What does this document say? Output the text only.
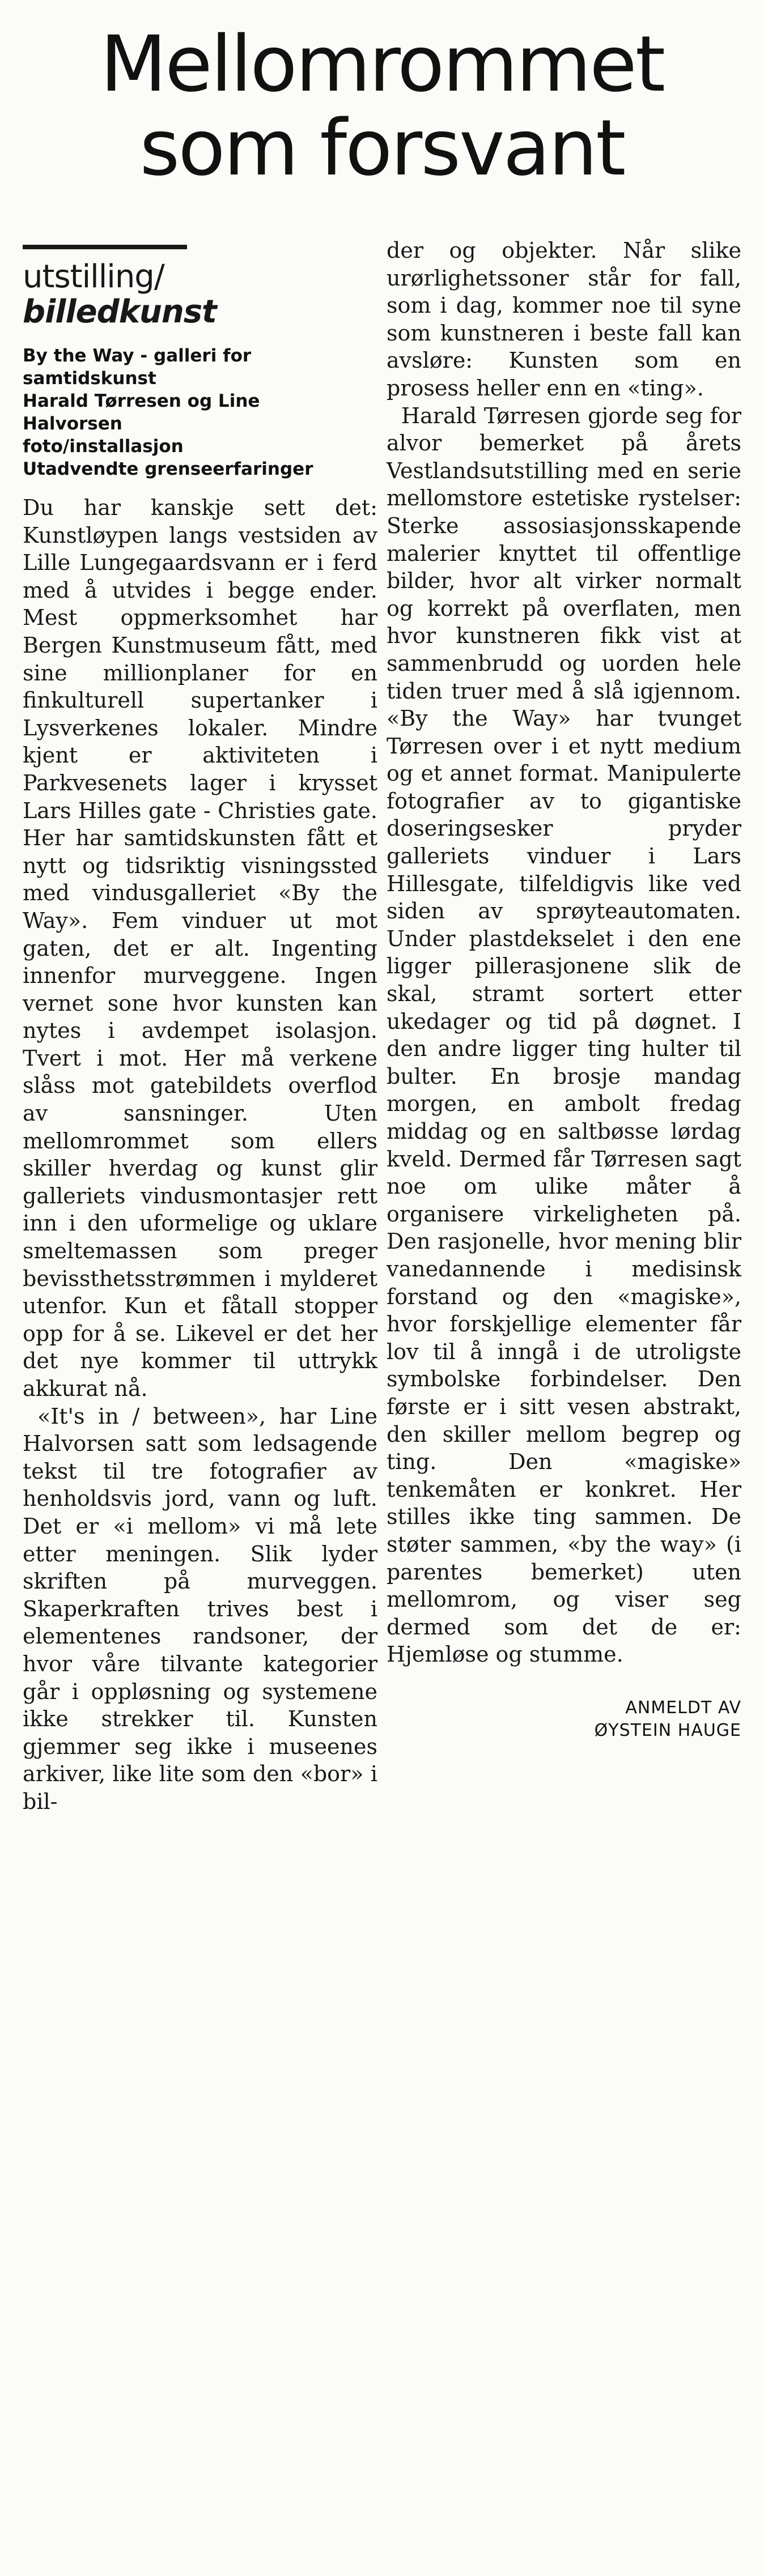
Mellomrommet
som forsvant
utstilling/
billedkunst
By the Way - galleri for
samtidskunst
Harald Tørresen og Line
Halvorsen
foto/installasjon
Utadvendte grenseerfaringer

Du har kanskje sett det: Kunstløypen langs vestsiden av Lille Lungegaardsvann er i ferd med å utvides i begge ender. Mest oppmerksomhet har Bergen Kunstmuseum fått, med sine millionplaner for en finkulturell supertanker i Lysverkenes lokaler. Mindre kjent er aktiviteten i Parkvesenets lager i krysset Lars Hilles gate - Christies gate. Her har samtidskunsten fått et nytt og tidsriktig visningssted med vindusgalleriet «By the Way». Fem vinduer ut mot gaten, det er alt. Ingenting innenfor murveggene. Ingen vernet sone hvor kunsten kan nytes i avdempet isolasjon. Tvert i mot. Her må verkene slåss mot gatebildets overflod av sansninger. Uten mellomrommet som ellers skiller hverdag og kunst glir galleriets vindusmontasjer rett inn i den uformelige og uklare smeltemassen som preger bevissthetsstrømmen i mylderet utenfor. Kun et fåtall stopper opp for å se. Likevel er det her det nye kommer til uttrykk akkurat nå.

«It's in / between», har Line Halvorsen satt som ledsagende tekst til tre fotografier av henholdsvis jord, vann og luft. Det er «i mellom» vi må lete etter meningen. Slik lyder skriften på murveggen. Skaperkraften trives best i elementenes randsoner, der hvor våre tilvante kategorier går i oppløsning og systemene ikke strekker til. Kunsten gjemmer seg ikke i museenes arkiver, like lite som den «bor» i bil-

der og objekter. Når slike urørlighetssoner står for fall, som i dag, kommer noe til syne som kunstneren i beste fall kan avsløre: Kunsten som en prosess heller enn en «ting».

Harald Tørresen gjorde seg for alvor bemerket på årets Vestlandsutstilling med en serie mellomstore estetiske rystelser: Sterke assosiasjonsskapende malerier knyttet til offentlige bilder, hvor alt virker normalt og korrekt på overflaten, men hvor kunstneren fikk vist at sammenbrudd og uorden hele tiden truer med å slå igjennom. «By the Way» har tvunget Tørresen over i et nytt medium og et annet format. Manipulerte fotografier av to gigantiske doseringsesker pryder galleriets vinduer i Lars Hillesgate, tilfeldigvis like ved siden av sprøyteautomaten. Under plastdekselet i den ene ligger pillerasjonene slik de skal, stramt sortert etter ukedager og tid på døgnet. I den andre ligger ting hulter til bulter. En brosje mandag morgen, en ambolt fredag middag og en saltbøsse lørdag kveld. Dermed får Tørresen sagt noe om ulike måter å organisere virkeligheten på. Den rasjonelle, hvor mening blir vanedannende i medisinsk forstand og den «magiske», hvor forskjellige elementer får lov til å inngå i de utroligste symbolske forbindelser. Den første er i sitt vesen abstrakt, den skiller mellom begrep og ting. Den «magiske» tenkemåten er konkret. Her stilles ikke ting sammen. De støter sammen, «by the way» (i parentes bemerket) uten mellomrom, og viser seg dermed som det de er: Hjemløse og stumme.

ANMELDT AV
ØYSTEIN HAUGE
